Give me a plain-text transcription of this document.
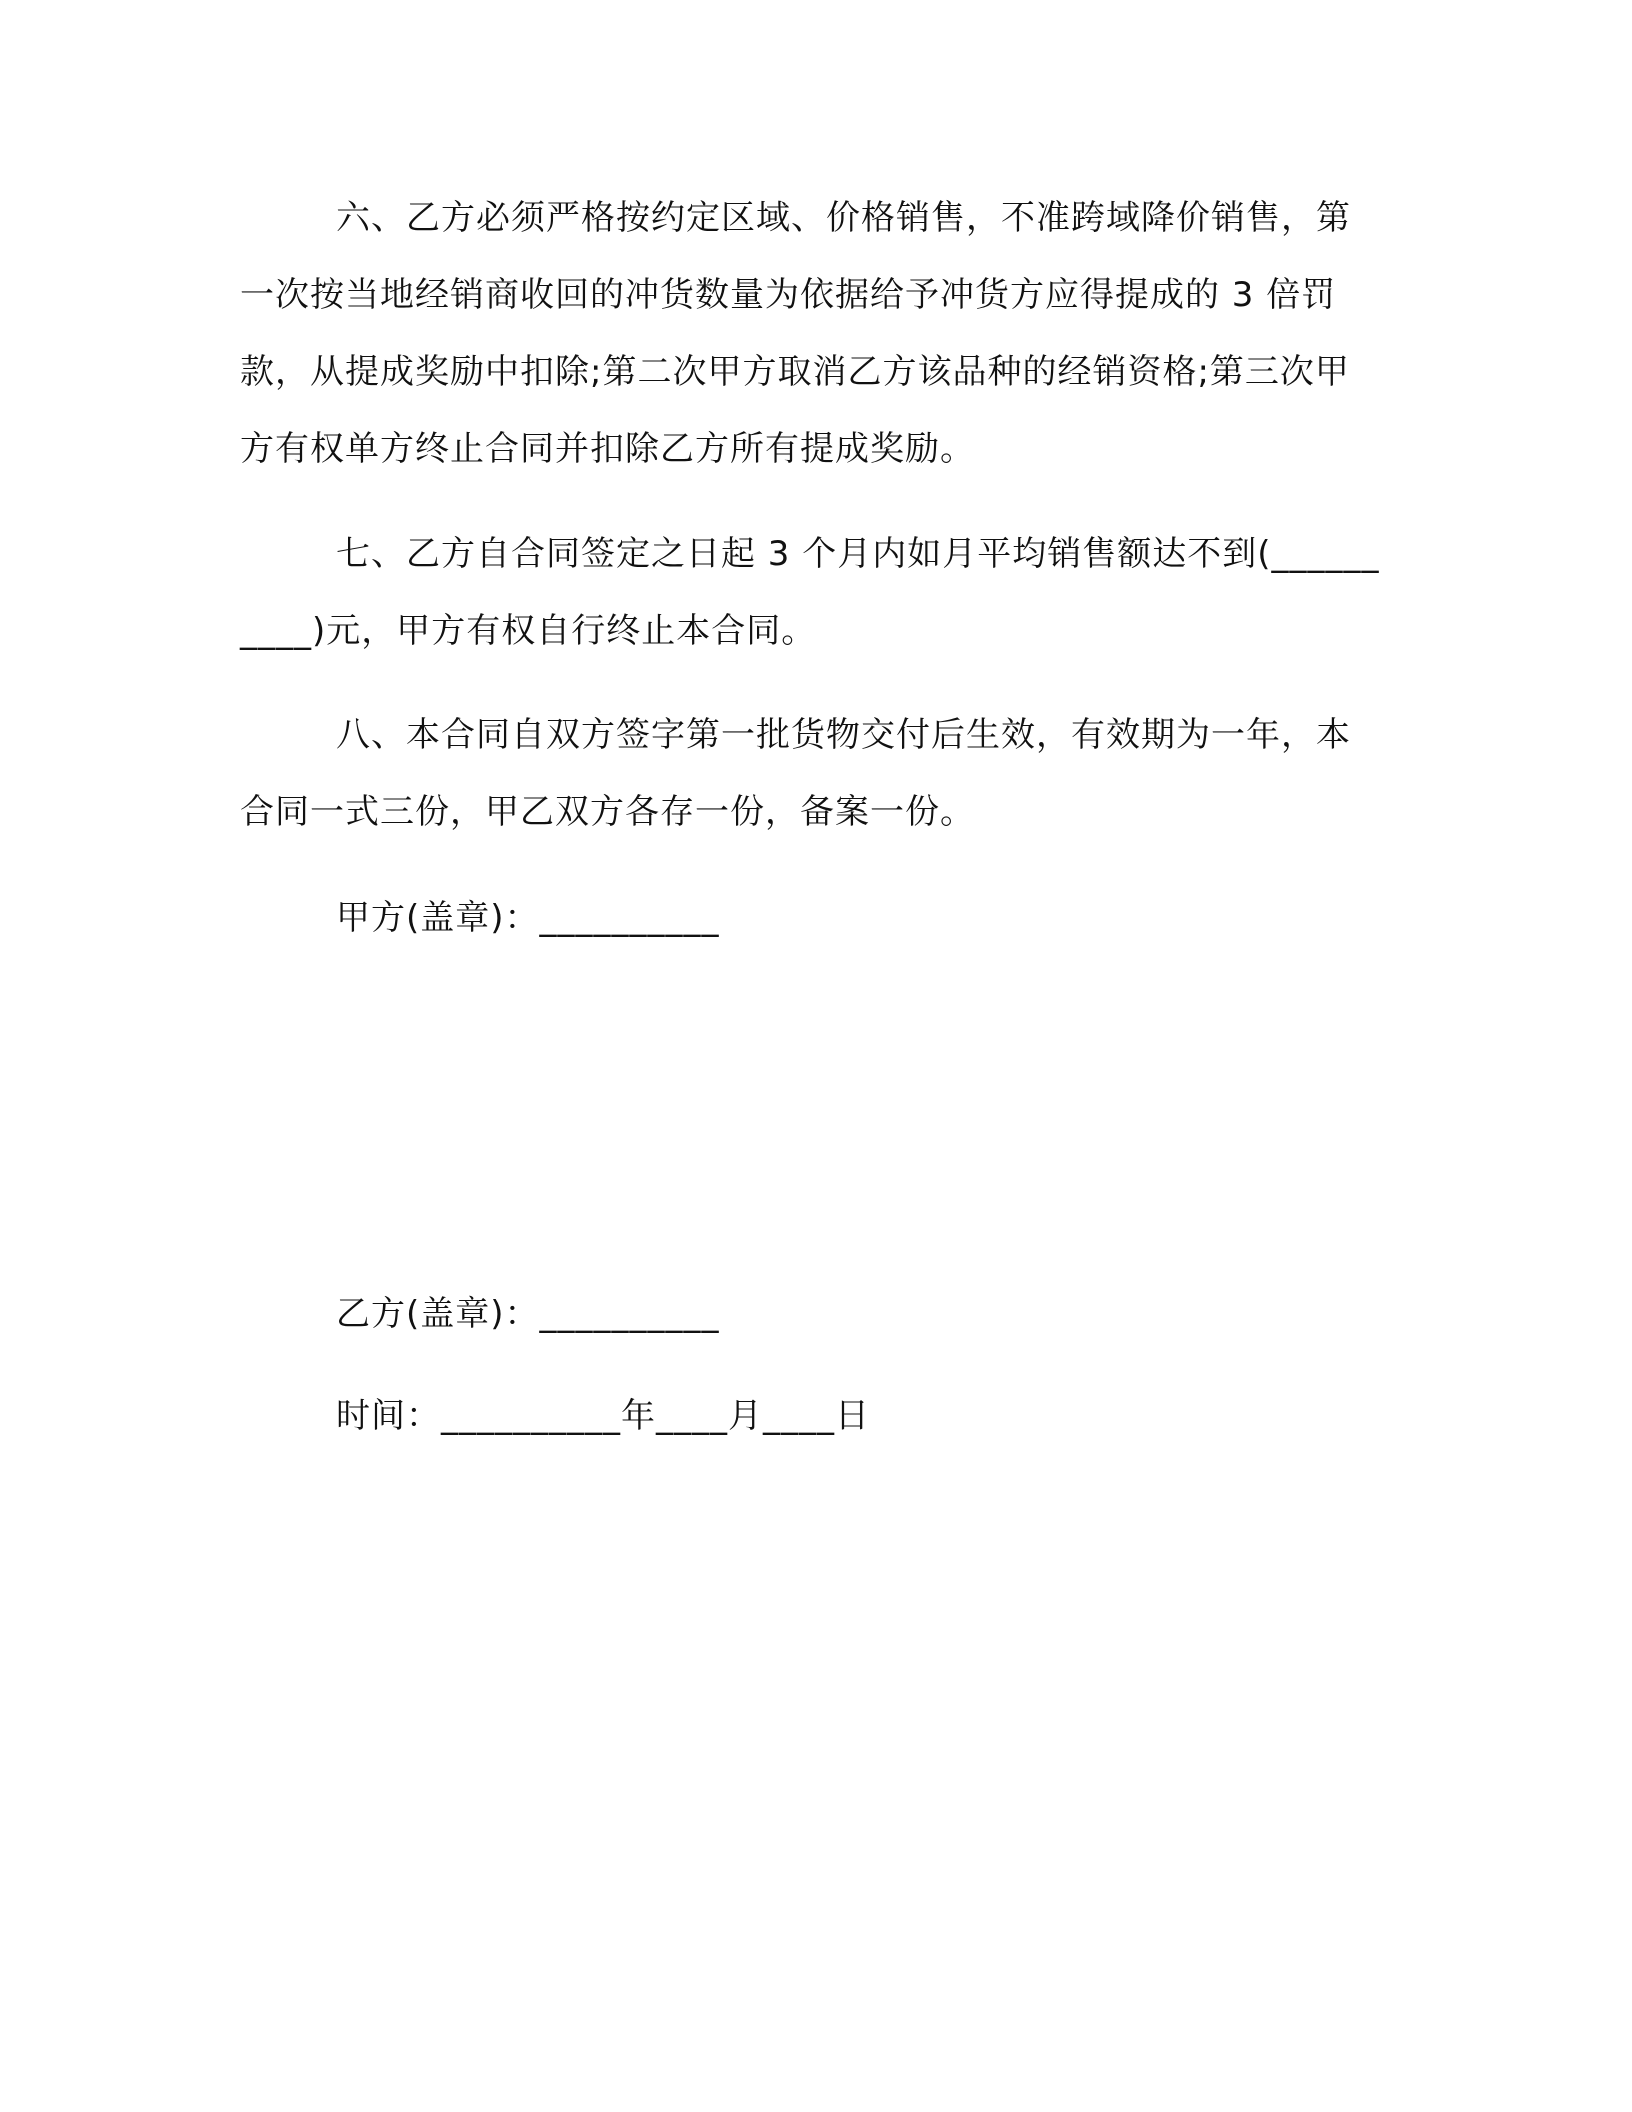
六、乙方必须严格按约定区域、价格销售，不准跨域降价销售，第一次按当地经销商收回的冲货数量为依据给予冲货方应得提成的 3 倍罚款，从提成奖励中扣除;第二次甲方取消乙方该品种的经销资格;第三次甲方有权单方终止合同并扣除乙方所有提成奖励。

七、乙方自合同签定之日起 3 个月内如月平均销售额达不到(__________)元，甲方有权自行终止本合同。

八、本合同自双方签字第一批货物交付后生效，有效期为一年，本合同一式三份，甲乙双方各存一份，备案一份。

甲方(盖章)：__________
乙方(盖章)：__________
时间：__________年____月____日
